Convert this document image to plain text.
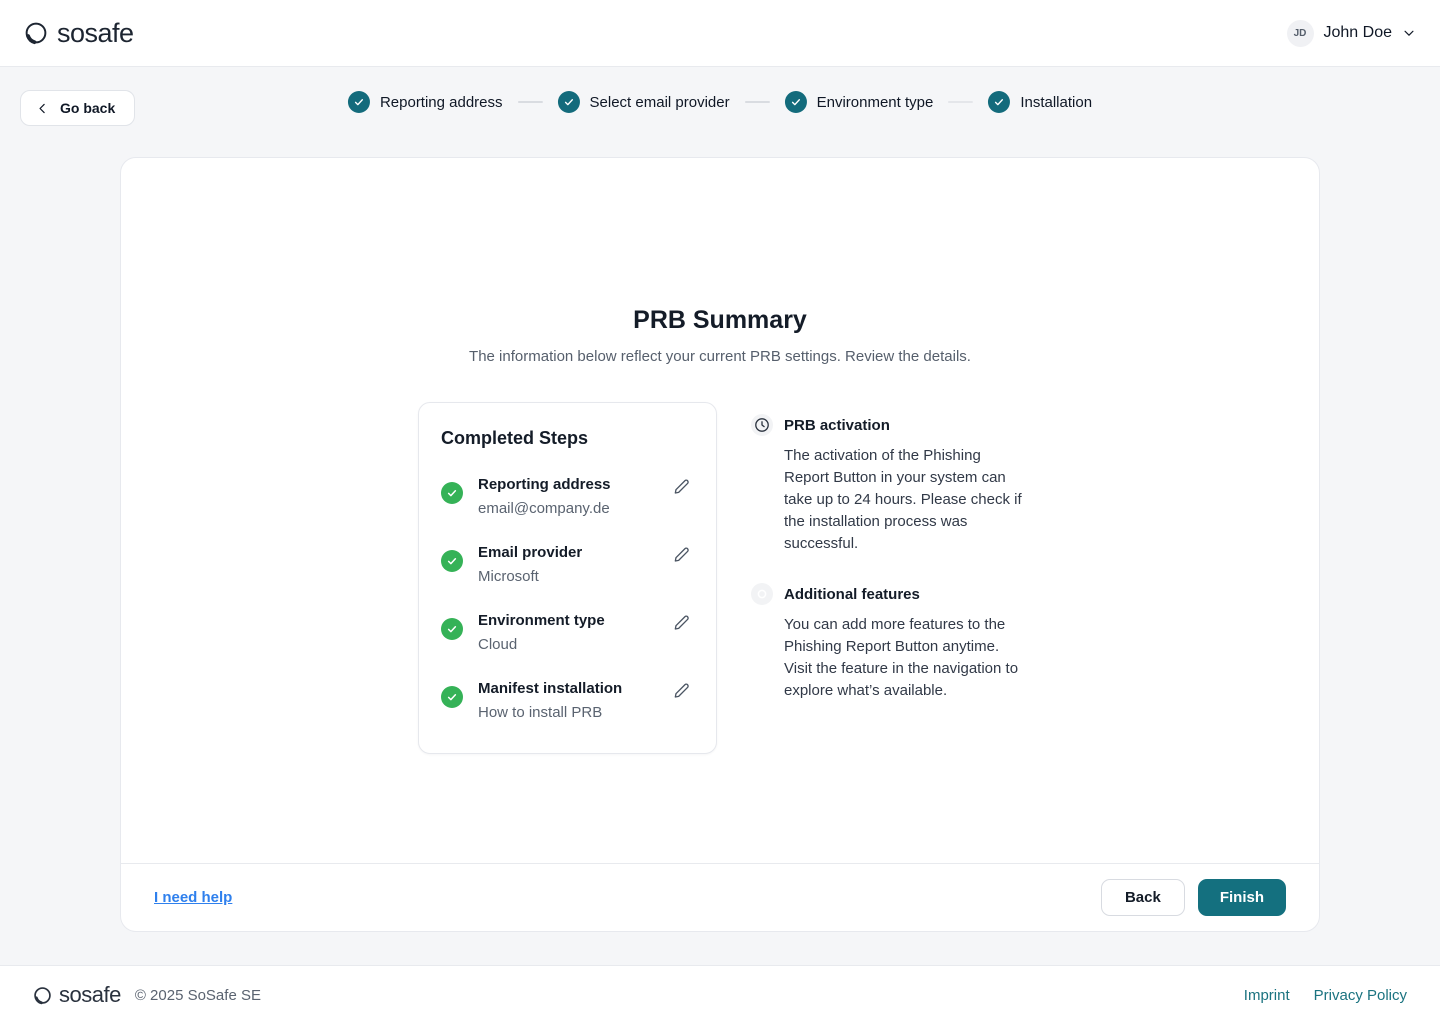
sosafe	JD	John Doe
Go back	Reporting address	Select email provider	Environment type	Installation
PRB Summary

The information below reflect your current PRB settings. Review the details.

Completed Steps
Reporting address
email@company.de
Email provider
Microsoft
Environment type
Cloud
Manifest installation
How to install PRB
PRB activation

The activation of the Phishing Report Button in your system can take up to 24 hours. Please check if the installation process was successful.

Additional features

You can add more features to the Phishing Report Button anytime. Visit the feature in the navigation to explore what’s available.

I need help	Back	Finish
sosafe © 2025 SoSafe SE	Imprint Privacy Policy
